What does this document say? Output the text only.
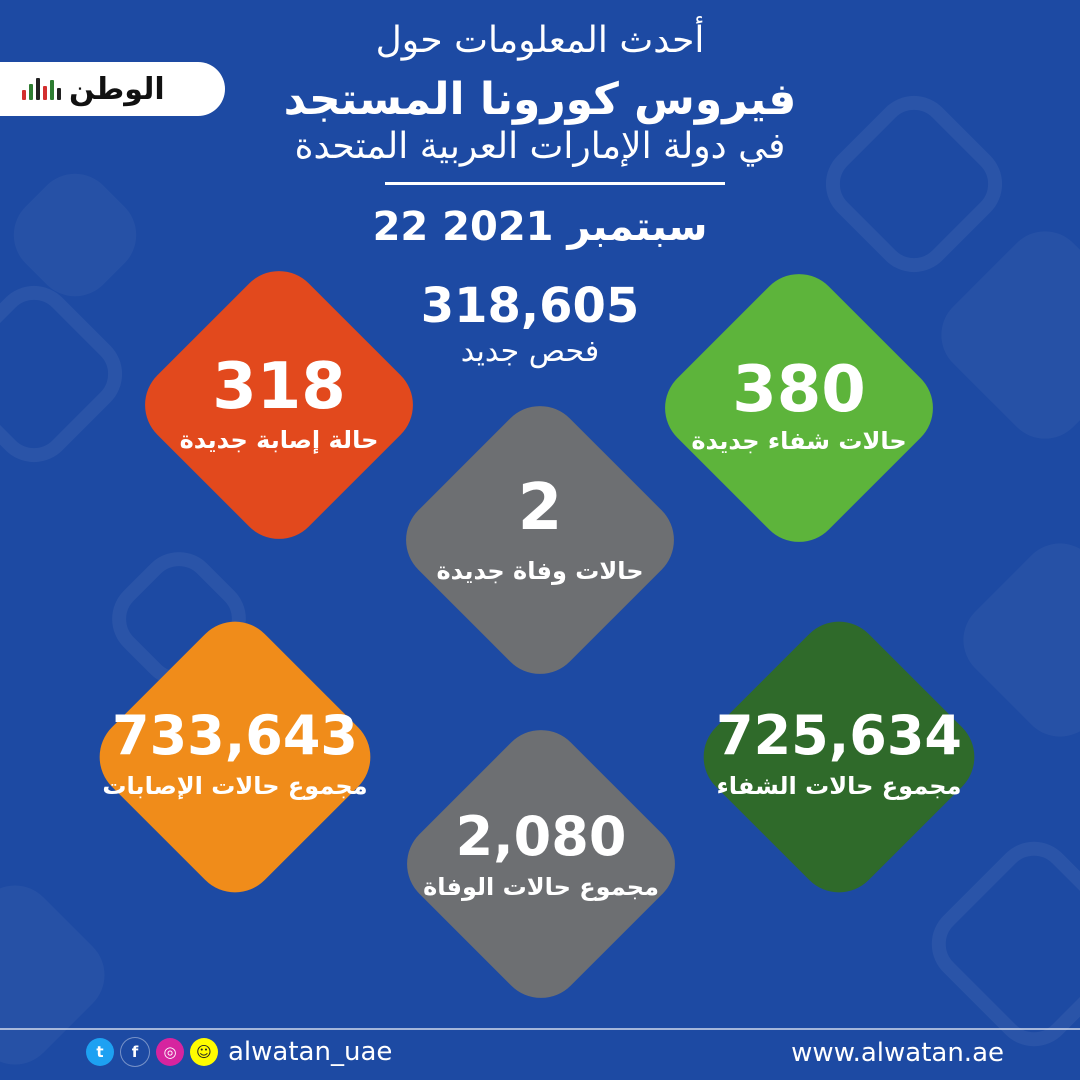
الوطن
أحدث المعلومات حول
فيروس كورونا المستجد
في دولة الإمارات العربية المتحدة
22 سبتمبر 2021
318,605
فحص جديد
318
حالة إصابة جديدة
380
حالات شفاء جديدة
2
حالات وفاة جديدة
733,643
مجموع حالات الإصابات
725,634
مجموع حالات الشفاء
2,080
مجموع حالات الوفاة
t	f	◎	☺ alwatan_uae	www.alwatan.ae
